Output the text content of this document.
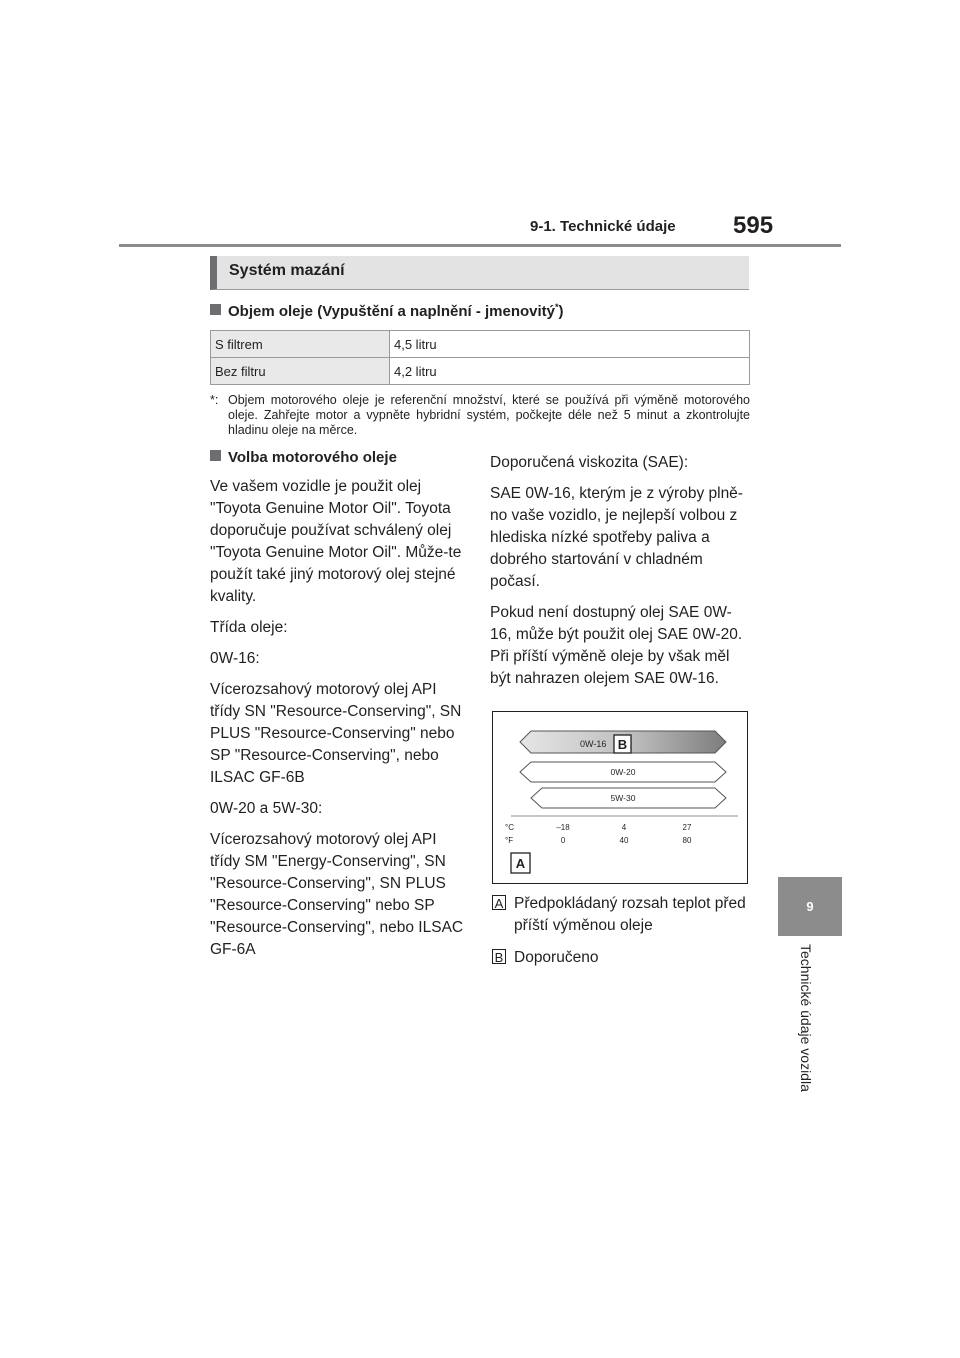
9-1. Technické údaje 595
9
Technické údaje vozidla
Systém mazání
Objem oleje (Vypuštění a naplnění - jmenovitý*)
S filtrem	4,5 litru
Bez filtru	4,2 litru
*: Objem motorového oleje je referenční množství, které se používá při výměně motorového oleje. Zahřejte motor a vypněte hybridní systém, počkejte déle než 5 minut a zkontrolujte hladinu oleje na měrce.
Volba motorového oleje

Ve vašem vozidle je použit olej "Toyota Genuine Motor Oil". Toyota doporučuje používat schválený olej "Toyota Genuine Motor Oil". Může-te použít také jiný motorový olej stejné kvality.

Třída oleje:

0W-16:

Vícerozsahový motorový olej API třídy SN "Resource-Conserving", SN PLUS "Resource-Conserving" nebo SP "Resource-Conserving", nebo ILSAC GF-6B

0W-20 a 5W-30:

Vícerozsahový motorový olej API třídy SM "Energy-Conserving", SN "Resource-Conserving", SN PLUS "Resource-Conserving" nebo SP "Resource-Conserving", nebo ILSAC GF-6A

Doporučená viskozita (SAE):

SAE 0W-16, kterým je z výroby plně-no vaše vozidlo, je nejlepší volbou z hlediska nízké spotřeby paliva a dobrého startování v chladném počasí.

Pokud není dostupný olej SAE 0W-16, může být použit olej SAE 0W-20. Při příští výměně oleje by však měl být nahrazen olejem SAE 0W-16.

0W-16 B
0W-20
5W-30
°C
°F
–18	4	27
0	40	80
A
A Předpokládaný rozsah teplot před příští výměnou oleje
B Doporučeno
